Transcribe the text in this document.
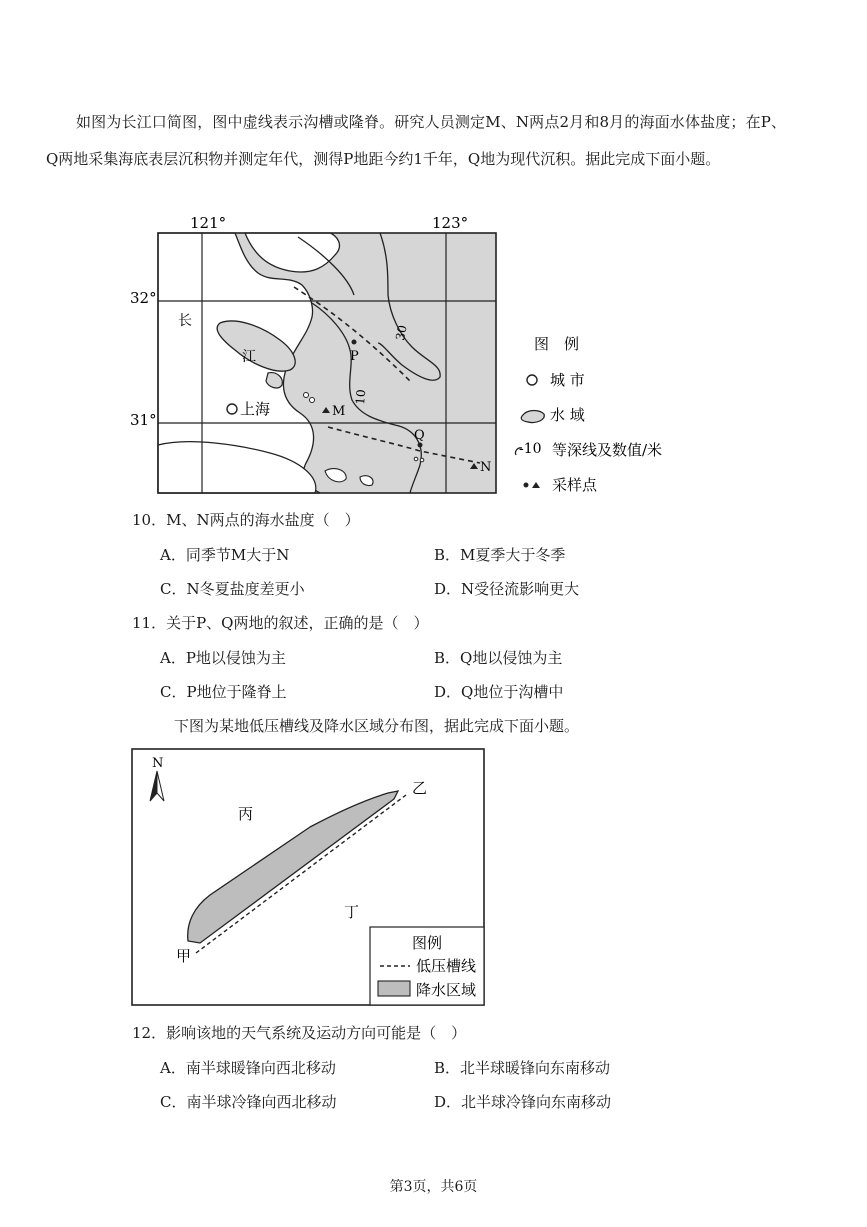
如图为长江口简图，图中虚线表示沟槽或隆脊。研究人员测定M、N两点2月和8月的海面水体盐度；在P、Q两地采集海底表层沉积物并测定年代，测得P地距今约1千年，Q地为现代沉积。据此完成下面小题。
121°	123°
32°
31°
长
江
上海	M
P
Q
N
30
10
图　例
城 市
水 域
-10 等深线及数值/米
采样点
10．M、N两点的海水盐度（　）
A．同季节M大于N	B．M夏季大于冬季
C．N冬夏盐度差更小	D．N受径流影响更大
11．关于P、Q两地的叙述，正确的是（　）
A．P地以侵蚀为主	B．Q地以侵蚀为主
C．P地位于隆脊上	D．Q地位于沟槽中
下图为某地低压槽线及降水区域分布图，据此完成下面小题。
N
丙
乙
丁
甲
图例
低压槽线
降水区域
12．影响该地的天气系统及运动方向可能是（　）
A．南半球暖锋向西北移动	B．北半球暖锋向东南移动
C．南半球冷锋向西北移动	D．北半球冷锋向东南移动
第3页，共6页
